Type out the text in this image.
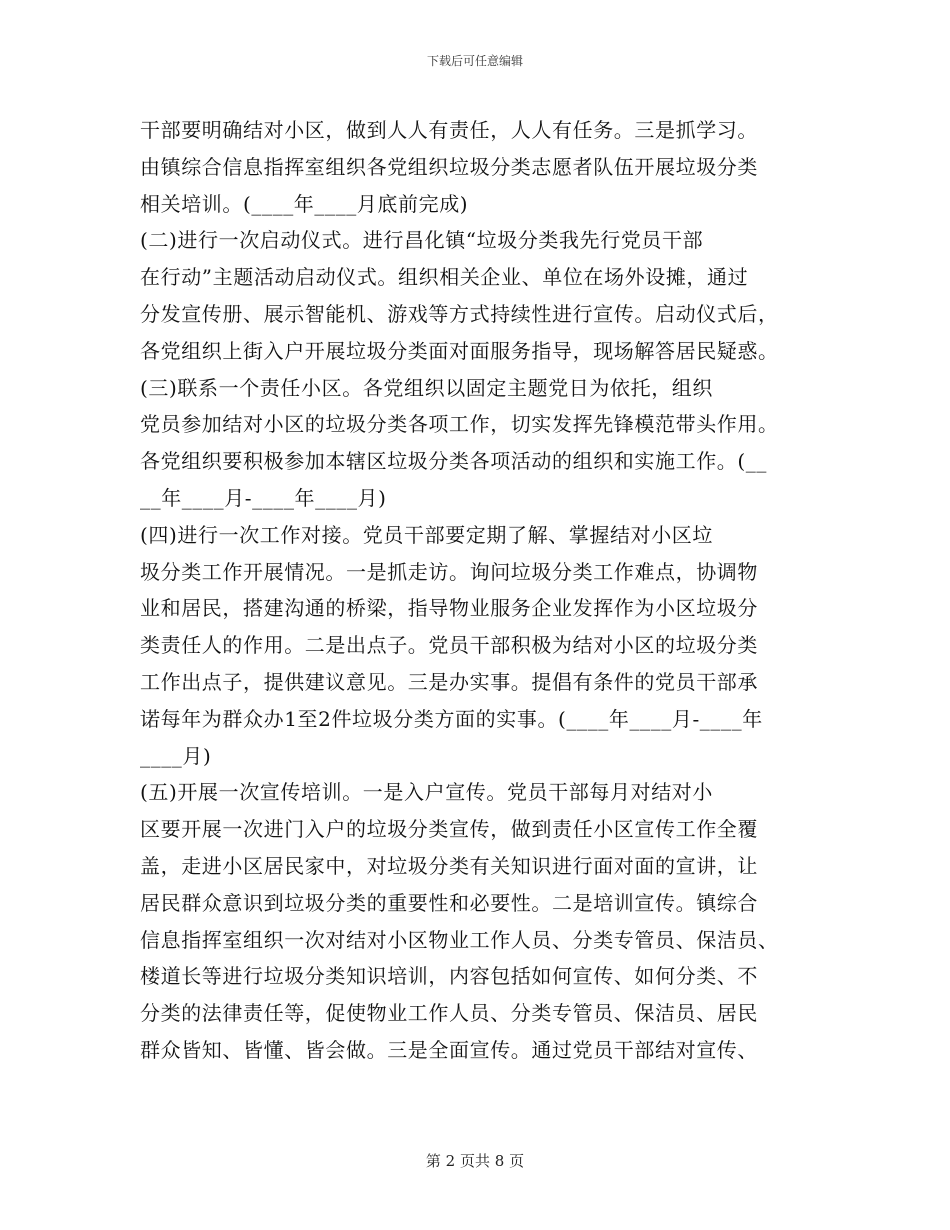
下载后可任意编辑
干部要明确结对小区，做到人人有责任，人人有任务。三是抓学习。
由镇综合信息指挥室组织各党组织垃圾分类志愿者队伍开展垃圾分类
相关培训。(____年____月底前完成)
(二)进行一次启动仪式。进行昌化镇“垃圾分类我先行党员干部
在行动”主题活动启动仪式。组织相关企业、单位在场外设摊，通过
分发宣传册、展示智能机、游戏等方式持续性进行宣传。启动仪式后，
各党组织上街入户开展垃圾分类面对面服务指导，现场解答居民疑惑。
(三)联系一个责任小区。各党组织以固定主题党日为依托，组织
党员参加结对小区的垃圾分类各项工作，切实发挥先锋模范带头作用。
各党组织要积极参加本辖区垃圾分类各项活动的组织和实施工作。(__
__年____月-____年____月)
(四)进行一次工作对接。党员干部要定期了解、掌握结对小区垃
圾分类工作开展情况。一是抓走访。询问垃圾分类工作难点，协调物
业和居民，搭建沟通的桥梁，指导物业服务企业发挥作为小区垃圾分
类责任人的作用。二是出点子。党员干部积极为结对小区的垃圾分类
工作出点子，提供建议意见。三是办实事。提倡有条件的党员干部承
诺每年为群众办1至2件垃圾分类方面的实事。(____年____月-____年
____月)
(五)开展一次宣传培训。一是入户宣传。党员干部每月对结对小
区要开展一次进门入户的垃圾分类宣传，做到责任小区宣传工作全覆
盖，走进小区居民家中，对垃圾分类有关知识进行面对面的宣讲，让
居民群众意识到垃圾分类的重要性和必要性。二是培训宣传。镇综合
信息指挥室组织一次对结对小区物业工作人员、分类专管员、保洁员、
楼道长等进行垃圾分类知识培训，内容包括如何宣传、如何分类、不
分类的法律责任等，促使物业工作人员、分类专管员、保洁员、居民
群众皆知、皆懂、皆会做。三是全面宣传。通过党员干部结对宣传、
第 2 页共 8 页
